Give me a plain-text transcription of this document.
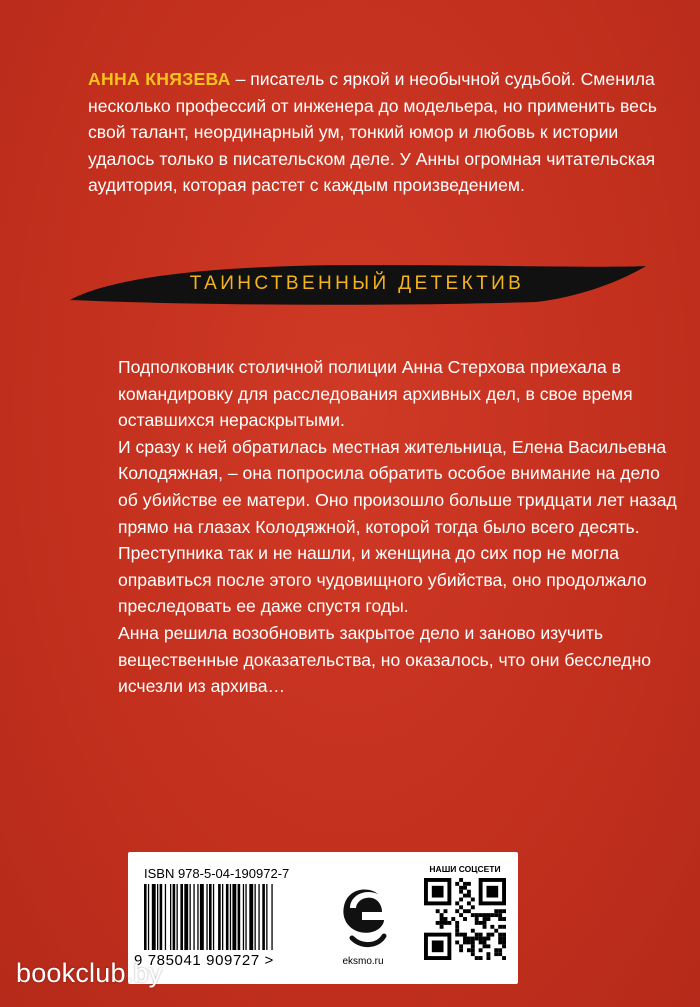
АННА КНЯЗЕВА – писатель с яркой и необычной судьбой. Сменила несколько профессий от инженера до модельера, но применить весь свой талант, неординарный ум, тонкий юмор и любовь к истории удалось только в писательском деле. У Анны огромная читательская аудитория, которая растет с каждым произведением.
ТАИНСТВЕННЫЙ ДЕТЕКТИВ

Подполковник столичной полиции Анна Стерхова приехала в командировку для расследования архивных дел, в свое время оставшихся нераскрытыми.

И сразу к ней обратилась местная жительница, Елена Васильевна Колодяжная, – она попросила обратить особое внимание на дело об убийстве ее матери. Оно произошло больше тридцати лет назад прямо на глазах Колодяжной, которой тогда было всего десять. Преступника так и не нашли, и женщина до сих пор не могла оправиться после этого чудовищного убийства, оно продолжало преследовать ее даже спустя годы.

Анна решила возобновить закрытое дело и заново изучить вещественные доказательства, но оказалось, что они бесследно исчезли из архива…

ISBN 978-5-04-190972-7
9 785041 909727 >	eksmo.ru
НАШИ СОЦСЕТИ
bookclub.by
